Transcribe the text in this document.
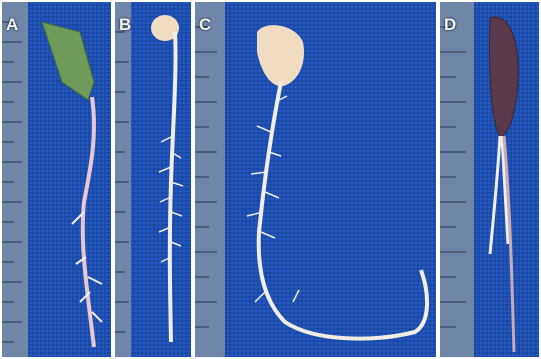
A	B	C	D
